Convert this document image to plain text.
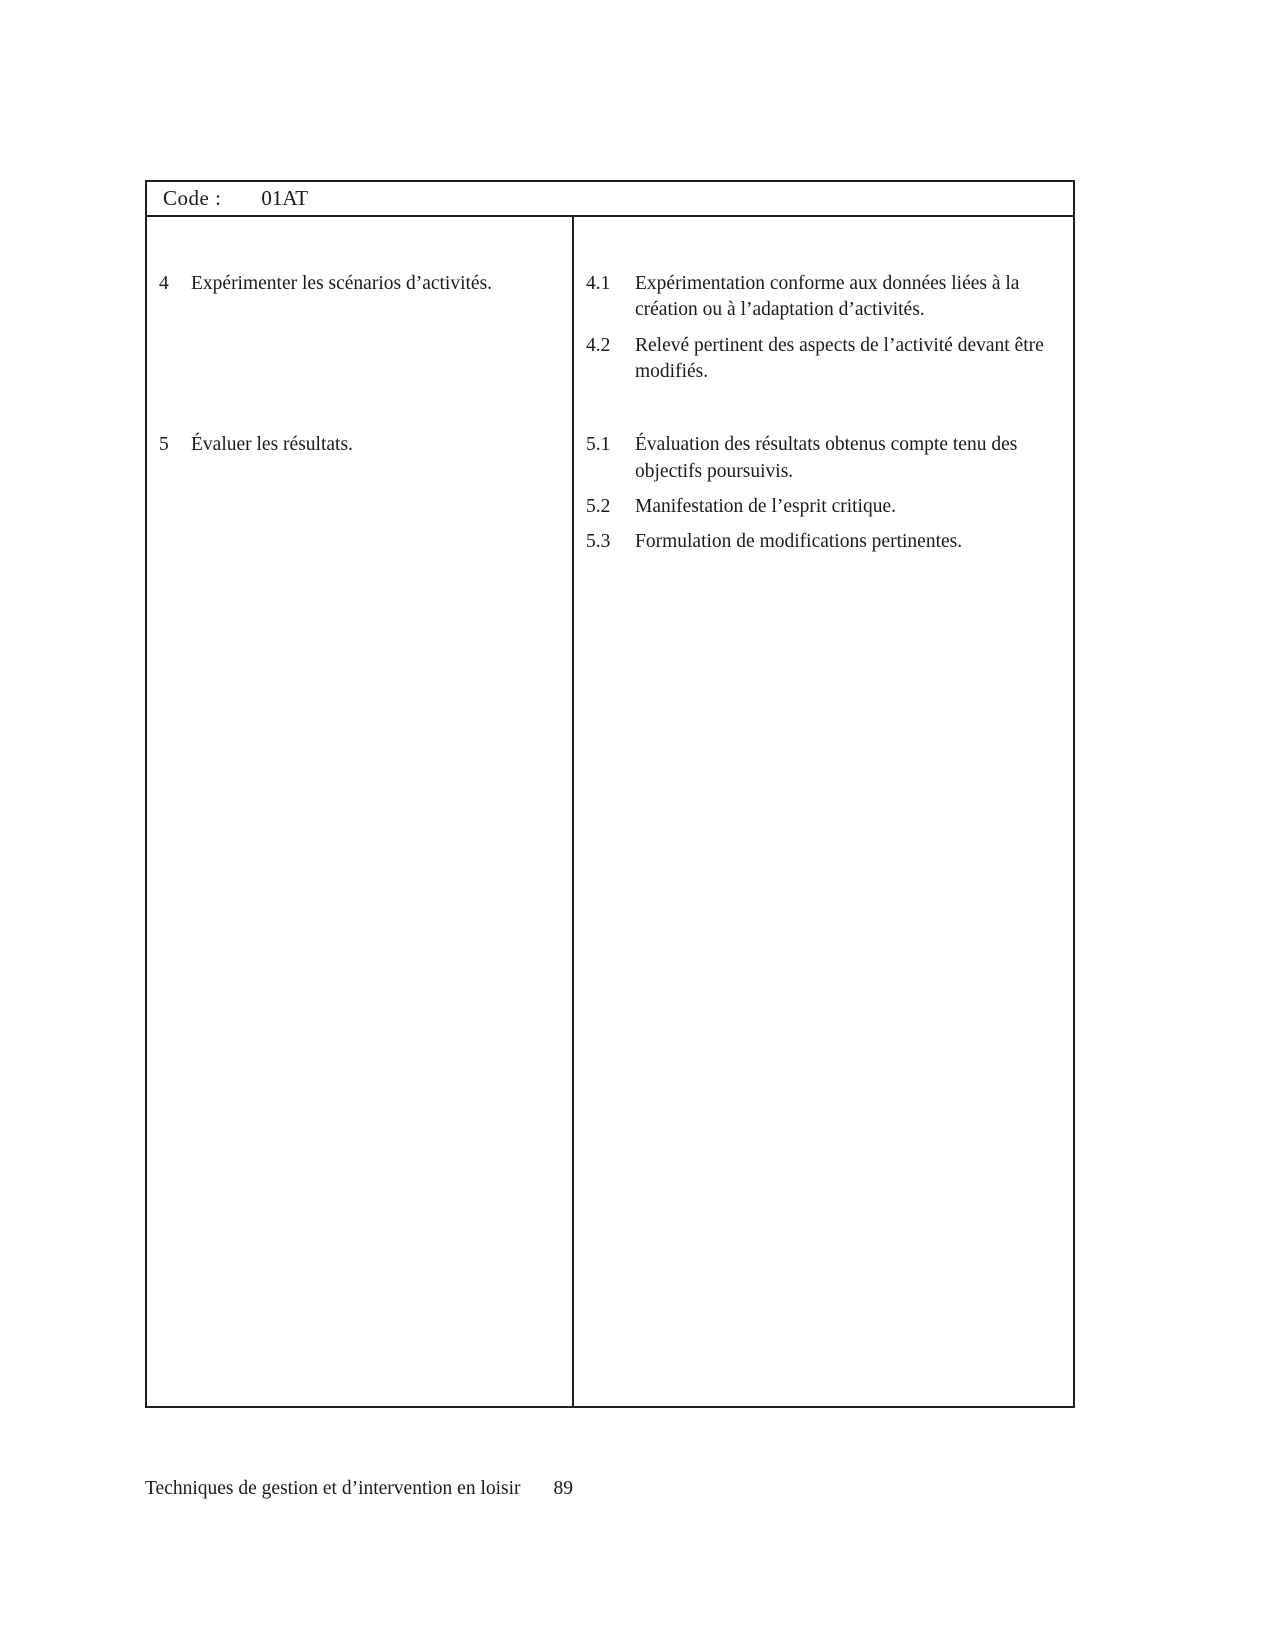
Code : 01AT
4	Expérimenter les scénarios d’activités.	4.1	Expérimentation conforme aux données liées à la création ou à l’adaptation d’activités.
4.2	Relevé pertinent des aspects de l’activité devant être modifiés.
5	Évaluer les résultats.	5.1	Évaluation des résultats obtenus compte tenu des objectifs poursuivis.
5.2	Manifestation de l’esprit critique.
5.3	Formulation de modifications pertinentes.
Techniques de gestion et d’intervention en loisir 89
